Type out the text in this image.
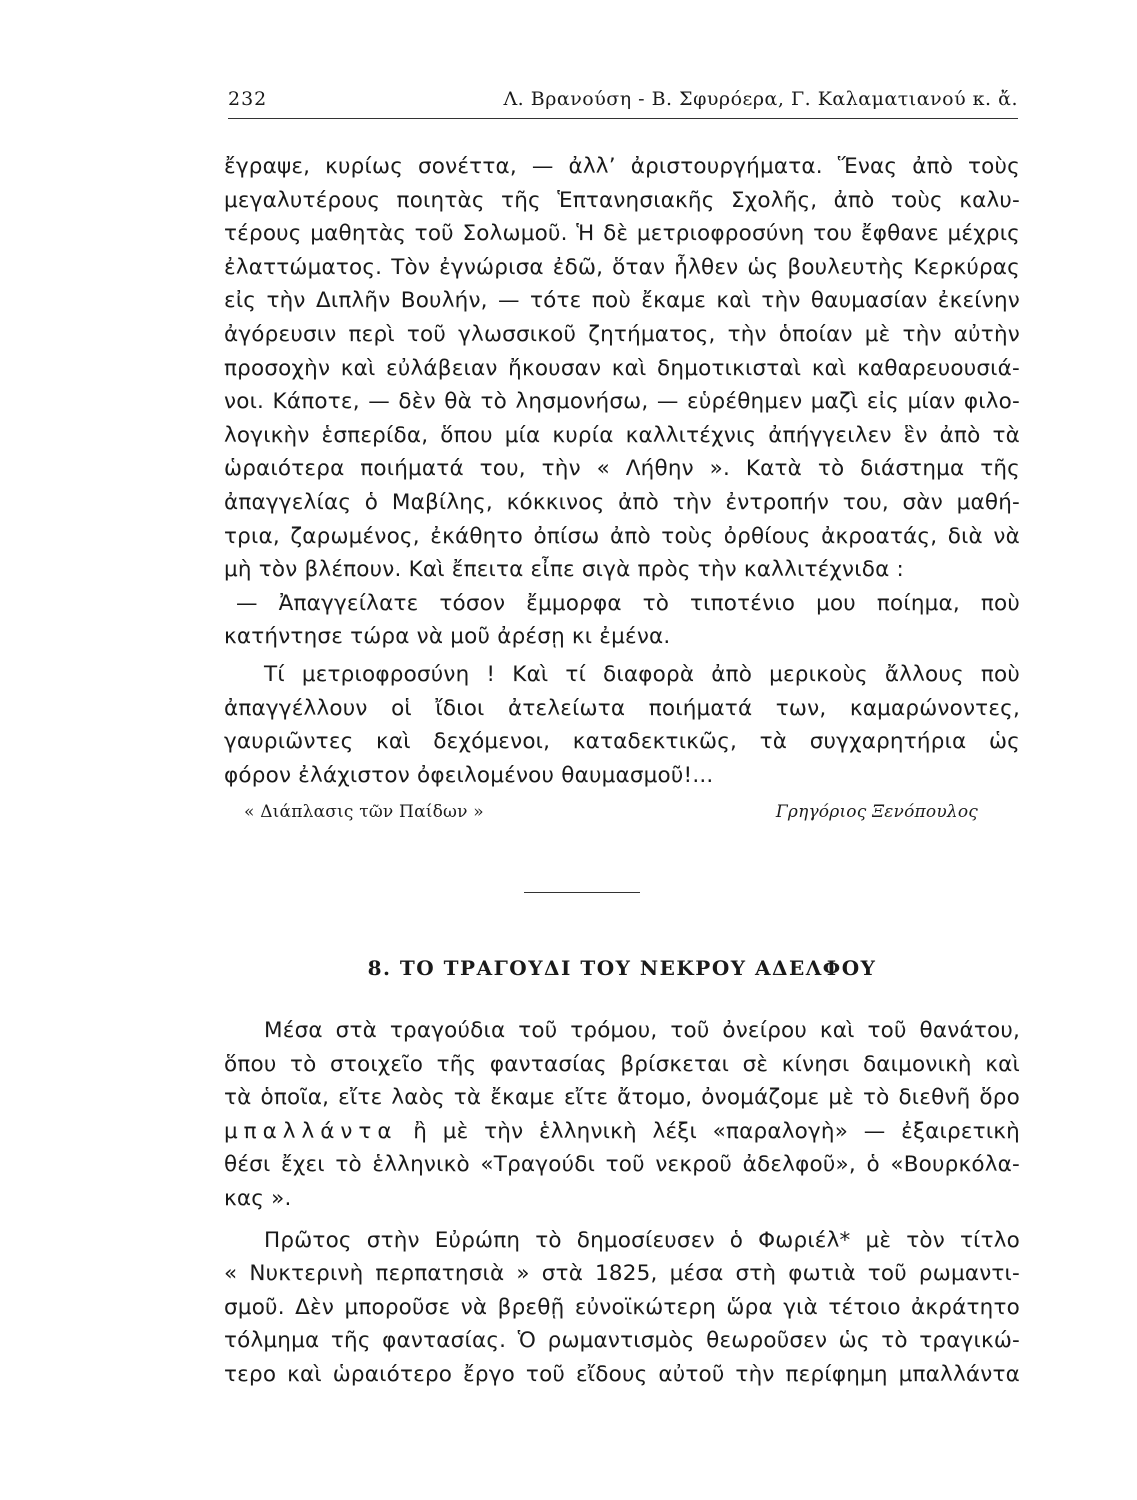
232	Λ. Βρανούση - Β. Σφυρόερα, Γ. Καλαματιανού κ. ἄ.

ἔγραψε, κυρίως σονέττα, — ἀλλ’ ἀριστουργήματα. Ἕνας ἀπὸ τοὺς

μεγαλυτέρους ποιητὰς τῆς Ἑπτανησιακῆς Σχολῆς, ἀπὸ τοὺς καλυ-

τέρους μαθητὰς τοῦ Σολωμοῦ. Ἡ δὲ μετριοφροσύνη του ἔφθανε μέχρις

ἐλαττώματος. Τὸν ἐγνώρισα ἐδῶ, ὅταν ἦλθεν ὡς βουλευτὴς Κερκύρας

εἰς τὴν Διπλῆν Βουλήν, — τότε ποὺ ἔκαμε καὶ τὴν θαυμασίαν ἐκείνην

ἀγόρευσιν περὶ τοῦ γλωσσικοῦ ζητήματος, τὴν ὁποίαν μὲ τὴν αὐτὴν

προσοχὴν καὶ εὐλάβειαν ἤκουσαν καὶ δημοτικισταὶ καὶ καθαρευουσιά-

νοι. Κάποτε, — δὲν θὰ τὸ λησμονήσω, — εὑρέθημεν μαζὶ εἰς μίαν φιλο-

λογικὴν ἑσπερίδα, ὅπου μία κυρία καλλιτέχνις ἀπήγγειλεν ἓν ἀπὸ τὰ

ὡραιότερα ποιήματά του, τὴν « Λήθην ». Κατὰ τὸ διάστημα τῆς

ἀπαγγελίας ὁ Μαβίλης, κόκκινος ἀπὸ τὴν ἐντροπήν του, σὰν μαθή-

τρια, ζαρωμένος, ἐκάθητο ὀπίσω ἀπὸ τοὺς ὀρθίους ἀκροατάς, διὰ νὰ

μὴ τὸν βλέπουν. Καὶ ἔπειτα εἶπε σιγὰ πρὸς τὴν καλλιτέχνιδα :

— Ἀπαγγείλατε τόσον ἔμμορφα τὸ τιποτένιο μου ποίημα, ποὺ

κατήντησε τώρα νὰ μοῦ ἀρέσῃ κι ἐμένα.

Τί μετριοφροσύνη ! Καὶ τί διαφορὰ ἀπὸ μερικοὺς ἄλλους ποὺ

ἀπαγγέλλουν οἱ ἴδιοι ἀτελείωτα ποιήματά των, καμαρώνοντες,

γαυριῶντες καὶ δεχόμενοι, καταδεκτικῶς, τὰ συγχαρητήρια ὡς

φόρον ἐλάχιστον ὀφειλομένου θαυμασμοῦ!...

« Διάπλασις τῶν Παίδων »	Γρηγόριος Ξενόπουλος
8. ΤΟ ΤΡΑΓΟΥΔΙ ΤΟΥ ΝΕΚΡΟΥ ΑΔΕΛΦΟΥ

Μέσα στὰ τραγούδια τοῦ τρόμου, τοῦ ὀνείρου καὶ τοῦ θανάτου,

ὅπου τὸ στοιχεῖο τῆς φαντασίας βρίσκεται σὲ κίνησι δαιμονικὴ καὶ

τὰ ὁποῖα, εἴτε λαὸς τὰ ἔκαμε εἴτε ἄτομο, ὀνομάζομε μὲ τὸ διεθνῆ ὅρο

μπαλλάντα ἢ μὲ τὴν ἑλληνικὴ λέξι «παραλογὴ» — ἐξαιρετικὴ

θέσι ἔχει τὸ ἑλληνικὸ «Τραγούδι τοῦ νεκροῦ ἀδελφοῦ», ὁ «Βουρκόλα-

κας ».

Πρῶτος στὴν Εὐρώπη τὸ δημοσίευσεν ὁ Φωριέλ* μὲ τὸν τίτλο

« Νυκτερινὴ περπατησιὰ » στὰ 1825, μέσα στὴ φωτιὰ τοῦ ρωμαντι-

σμοῦ. Δὲν μποροῦσε νὰ βρεθῇ εὐνοϊκώτερη ὥρα γιὰ τέτοιο ἀκράτητο

τόλμημα τῆς φαντασίας. Ὁ ρωμαντισμὸς θεωροῦσεν ὡς τὸ τραγικώ-

τερο καὶ ὡραιότερο ἔργο τοῦ εἴδους αὐτοῦ τὴν περίφημη μπαλλάντα
